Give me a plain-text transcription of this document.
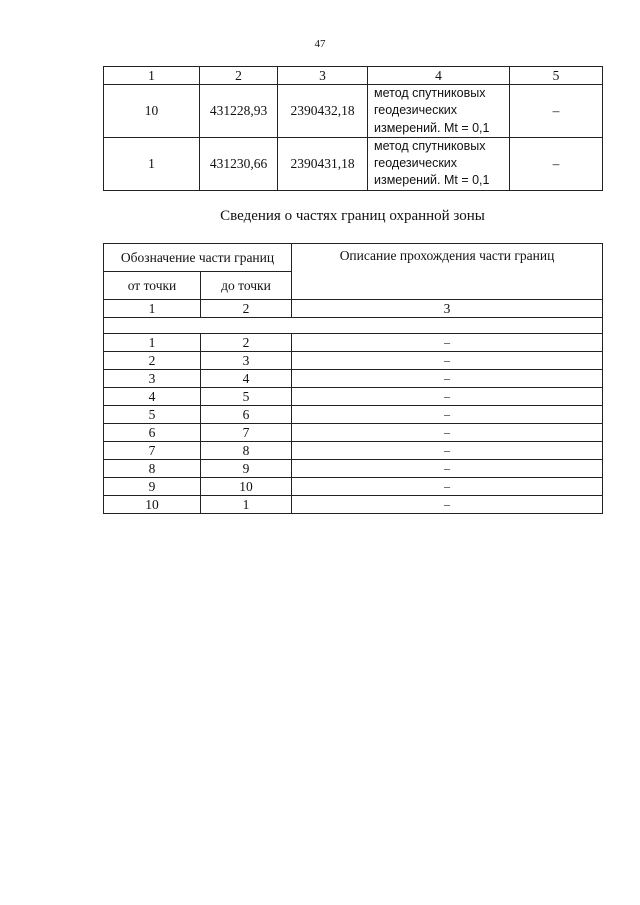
47
1	2	3	4	5
10	431228,93	2390432,18	метод спутниковых
геодезических
измерений. Mt = 0,1	–
1	431230,66	2390431,18	метод спутниковых
геодезических
измерений. Mt = 0,1	–
Сведения о частях границ охранной зоны
Обозначение части границ		Описание прохождения части границ
от точки	до точки	
1	2	3

1	2	–
2	3	–
3	4	–
4	5	–
5	6	–
6	7	–
7	8	–
8	9	–
9	10	–
10	1	–
